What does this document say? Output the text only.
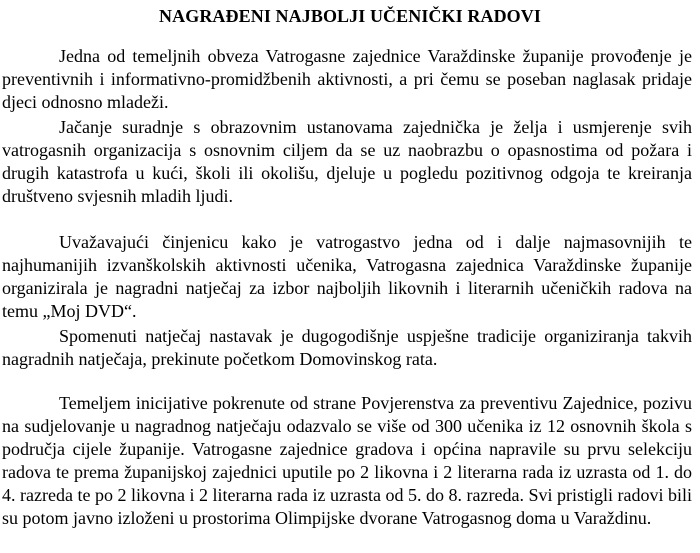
NAGRAĐENI NAJBOLJI UČENIČKI RADOVI

Jedna od temeljnih obveza Vatrogasne zajednice Varaždinske županije provođenje je preventivnih i informativno-promidžbenih aktivnosti, a pri čemu se poseban naglasak pridaje djeci odnosno mladeži.

Jačanje suradnje s obrazovnim ustanovama zajednička je želja i usmjerenje svih vatrogasnih organizacija s osnovnim ciljem da se uz naobrazbu o opasnostima od požara i drugih katastrofa u kući, školi ili okolišu, djeluje u pogledu pozitivnog odgoja te kreiranja društveno svjesnih mladih ljudi.

Uvažavajući činjenicu kako je vatrogastvo jedna od i dalje najmasovnijih te najhumanijih izvanškolskih aktivnosti učenika, Vatrogasna zajednica Varaždinske županije organizirala je nagradni natječaj za izbor najboljih likovnih i literarnih učeničkih radova na temu „Moj DVD“.

Spomenuti natječaj nastavak je dugogodišnje uspješne tradicije organiziranja takvih nagradnih natječaja, prekinute početkom Domovinskog rata.

Temeljem inicijative pokrenute od strane Povjerenstva za preventivu Zajednice, pozivu na sudjelovanje u nagradnog natječaju odazvalo se više od 300 učenika iz 12 osnovnih škola s područja cijele županije. Vatrogasne zajednice gradova i općina napravile su prvu selekciju radova te prema županijskoj zajednici uputile po 2 likovna i 2 literarna rada iz uzrasta od 1. do 4. razreda te po 2 likovna i 2 literarna rada iz uzrasta od 5. do 8. razreda. Svi pristigli radovi bili su potom javno izloženi u prostorima Olimpijske dvorane Vatrogasnog doma u Varaždinu.
